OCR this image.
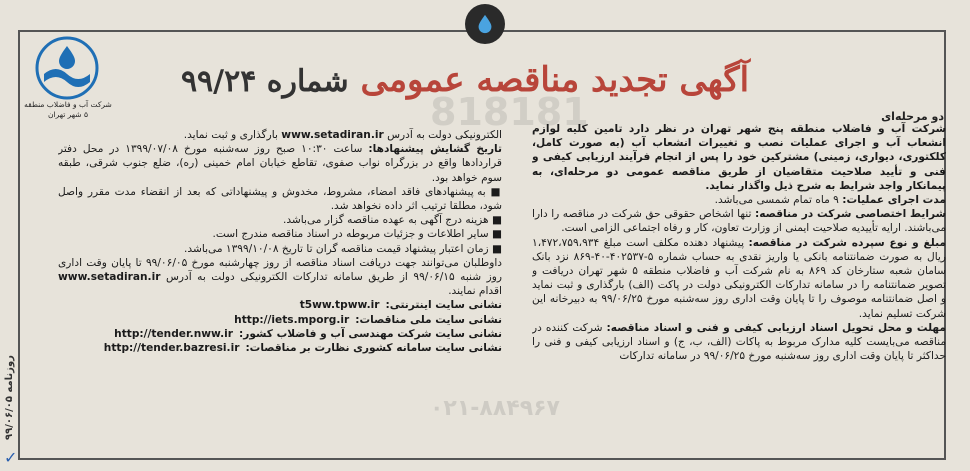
818181
۰۲۱-۸۸۴۹۶۷
شرکت آب و فاضلاب منطقه ۵ شهر تهران
آگهی تجدید مناقصه عمومی شماره ۹۹/۲۴
دو مرحله‌ای

شرکت آب و فاضلاب منطقه پنج شهر تهران در نظر دارد تامین کلیه لوازم انشعاب آب و اجرای عملیات نصب و تغییرات انشعاب آب (به صورت کامل، کلکتوری، دیواری، زمینی) مشترکین خود را پس از انجام فرآیند ارزیابی کیفی و فنی و تأیید صلاحیت متقاضیان از طریق مناقصه عمومی دو مرحله‌ای، به پیمانکار واجد شرایط به شرح ذیل واگذار نماید.

مدت اجرای عملیات: ۹ ماه تمام شمسی می‌باشد.

شرایط اختصاصی شرکت در مناقصه: تنها اشخاص حقوقی حق شرکت در مناقصه را دارا می‌باشند. ارایه تأییدیه صلاحیت ایمنی از وزارت تعاون، کار و رفاه اجتماعی الزامی است.

مبلغ و نوع سپرده شرکت در مناقصه: پیشنهاد دهنده مکلف است مبلغ ۱،۴۷۲،۷۵۹،۹۳۴ ریال به صورت ضمانتنامه بانکی یا واریز نقدی به حساب شماره ۵-۴۰۲۵۳۷-۴۰-۸۶۹ نزد بانک سامان شعبه ستارخان کد ۸۶۹ به نام شرکت آب و فاضلاب منطقه ۵ شهر تهران دریافت و تصویر ضمانتنامه را در سامانه تدارکات الکترونیکی دولت در پاکت (الف) بارگذاری و ثبت نماید و اصل ضمانتنامه موصوف را تا پایان وقت اداری روز سه‌شنبه مورخ ۹۹/۰۶/۲۵ به دبیرخانه این شرکت تسلیم نماید.

مهلت و محل تحویل اسناد ارزیابی کیفی و فنی و اسناد مناقصه: شرکت کننده در مناقصه می‌بایست کلیه مدارک مربوط به پاکات (الف، ب، ج) و اسناد ارزیابی کیفی و فنی را حداکثر تا پایان وقت اداری روز سه‌شنبه مورخ ۹۹/۰۶/۲۵ در سامانه تدارکات

الکترونیکی دولت به آدرس www.setadiran.ir بارگذاری و ثبت نماید.

تاریخ گشایش پیشنهادها: ساعت ۱۰:۳۰ صبح روز سه‌شنبه مورخ ۱۳۹۹/۰۷/۰۸ در محل دفتر قراردادها واقع در بزرگراه نواب صفوی، تقاطع خیابان امام خمینی (ره)، ضلع جنوب شرقی، طبقه سوم خواهد بود.

■ به پیشنهادهای فاقد امضاء، مشروط، مخدوش و پیشنهاداتی که بعد از انقضاء مدت مقرر واصل شود، مطلقا ترتیب اثر داده نخواهد شد.

■ هزینه درج آگهی به عهده مناقصه گزار می‌باشد.

■ سایر اطلاعات و جزئیات مربوطه در اسناد مناقصه مندرج است.

■ زمان اعتبار پیشنهاد قیمت مناقصه گران تا تاریخ ۱۳۹۹/۱۰/۰۸ می‌باشد.

داوطلبان می‌توانند جهت دریافت اسناد مناقصه از روز چهارشنبه مورخ ۹۹/۰۶/۰۵ تا پایان وقت اداری روز شنبه ۹۹/۰۶/۱۵ از طریق سامانه تدارکات الکترونیکی دولت به آدرس www.setadiran.ir اقدام نمایند.

نشانی سایت اینترنتی:
t5ww.tpww.ir
نشانی سایت ملی مناقصات:
http://iets.mporg.ir
نشانی سایت شرکت مهندسی آب و فاضلاب کشور:
http://tender.nww.ir
نشانی سایت سامانه کشوری نظارت بر مناقصات:
http://tender.bazresi.ir
۹۹/۰۶/۰۵ روزنامه
✓
